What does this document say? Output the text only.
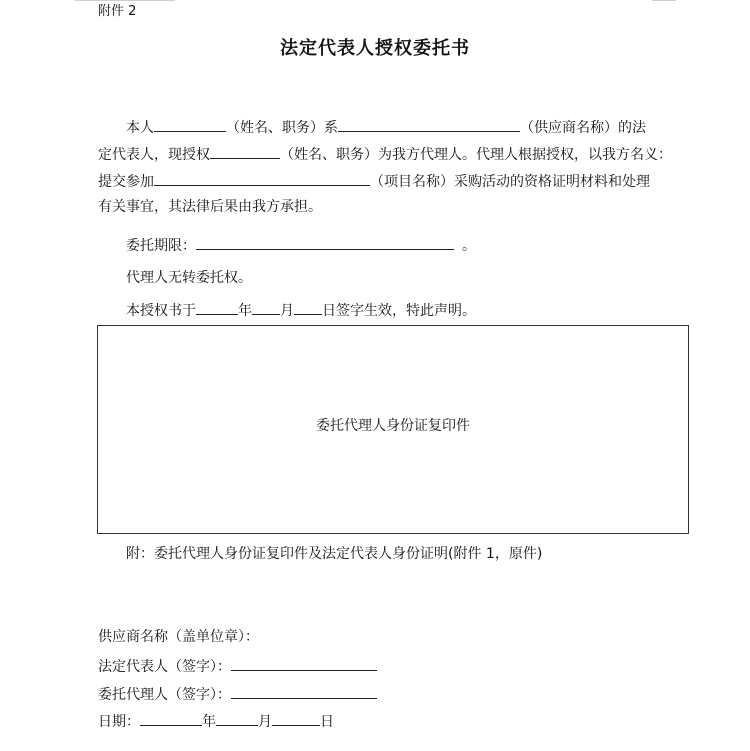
附件 2
法定代表人授权委托书
本人	（姓名、职务）系	（供应商名称）的法
定代表人，现授权	（姓名、职务）为我方代理人。代理人根据授权，以我方名义：
提交参加	（项目名称）采购活动的资格证明材料和处理
有关事宜，其法律后果由我方承担。
委托期限：	。
代理人无转委托权。
本授权书于	年 月 日签字生效，特此声明。
委托代理人身份证复印件
附：委托代理人身份证复印件及法定代表人身份证明(附件 1，原件)
供应商名称（盖单位章）：
法定代表人（签字）：
委托代理人（签字）：
日期：	年	月	日
